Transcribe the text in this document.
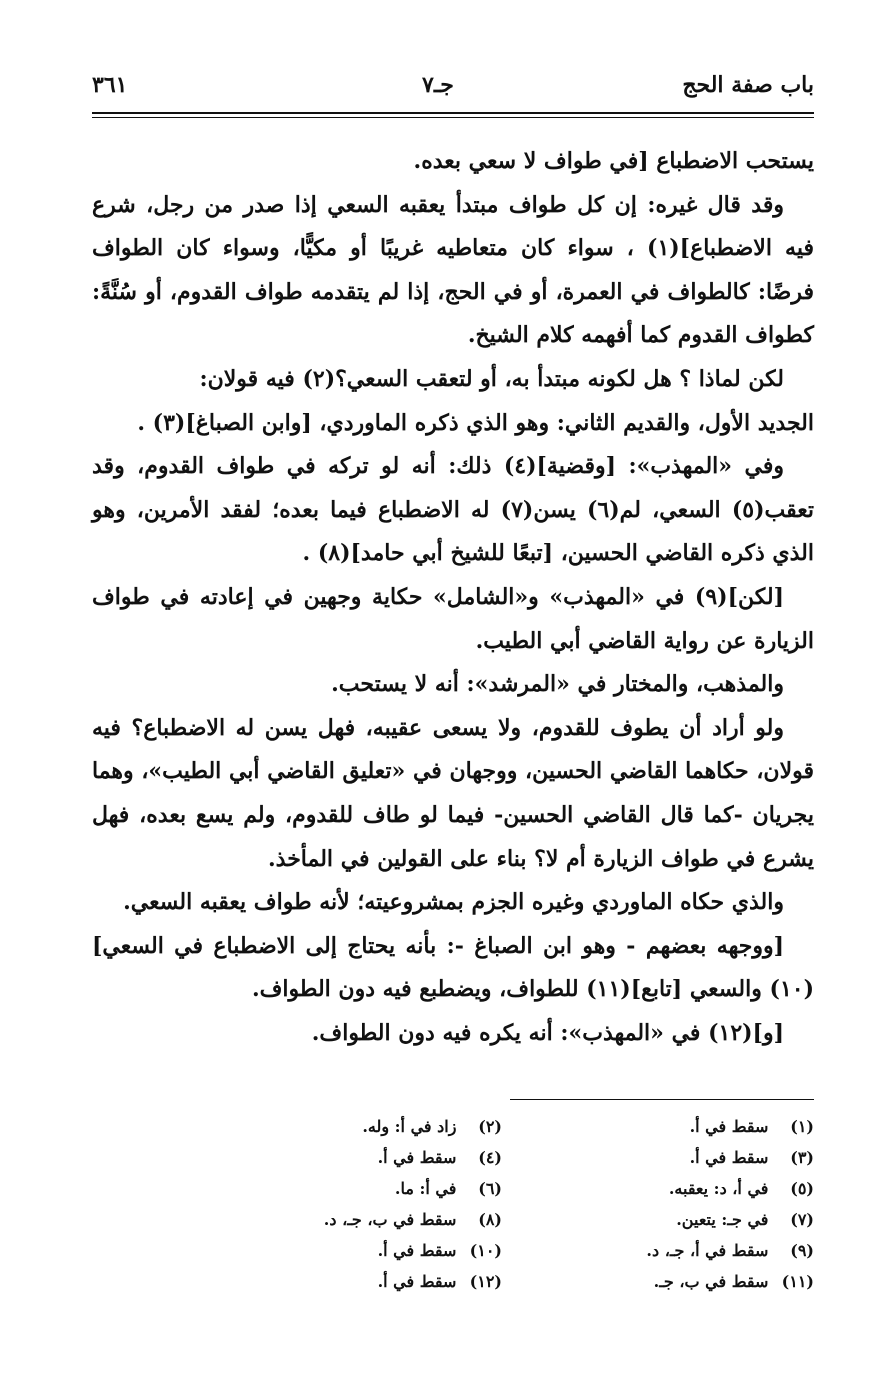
باب صفة الحج
جـ٧
٣٦١

يستحب الاضطباع [في طواف لا سعي بعده.

وقد قال غيره: إن كل طواف مبتدأ يعقبه السعي إذا صدر من رجل، شرع فيه الاضطباع](١) ، سواء كان متعاطيه غريبًا أو مكيًّا، وسواء كان الطواف فرضًا: كالطواف في العمرة، أو في الحج، إذا لم يتقدمه طواف القدوم، أو سُنَّةً: كطواف القدوم كما أفهمه كلام الشيخ.

لكن لماذا ؟ هل لكونه مبتدأ به، أو لتعقب السعي؟(٢) فيه قولان:

الجديد الأول، والقديم الثاني: وهو الذي ذكره الماوردي، [وابن الصباغ](٣) .

وفي «المهذب»: [وقضية](٤) ذلك: أنه لو تركه في طواف القدوم، وقد تعقب(٥) السعي، لم(٦) يسن(٧) له الاضطباع فيما بعده؛ لفقد الأمرين، وهو الذي ذكره القاضي الحسين، [تبعًا للشيخ أبي حامد](٨) .

[لكن](٩) في «المهذب» و«الشامل» حكاية وجهين في إعادته في طواف الزيارة عن رواية القاضي أبي الطيب.

والمذهب، والمختار في «المرشد»: أنه لا يستحب.

ولو أراد أن يطوف للقدوم، ولا يسعى عقيبه، فهل يسن له الاضطباع؟ فيه قولان، حكاهما القاضي الحسين، ووجهان في «تعليق القاضي أبي الطيب»، وهما يجريان -كما قال القاضي الحسين- فيما لو طاف للقدوم، ولم يسع بعده، فهل يشرع في طواف الزيارة أم لا؟ بناء على القولين في المأخذ.

والذي حكاه الماوردي وغيره الجزم بمشروعيته؛ لأنه طواف يعقبه السعي.

[ووجهه بعضهم - وهو ابن الصباغ -: بأنه يحتاج إلى الاضطباع في السعي](١٠) والسعي [تابع](١١) للطواف، ويضطبع فيه دون الطواف.

[و](١٢) في «المهذب»: أنه يكره فيه دون الطواف.

(١) سقط في أ.
(٢) زاد في أ: وله.
(٣) سقط في أ.
(٤) سقط في أ.
(٥) في أ، د: يعقبه.
(٦) في أ: ما.
(٧) في جـ: يتعين.
(٨) سقط في ب، جـ، د.
(٩) سقط في أ، جـ، د.
(١٠) سقط في أ.
(١١) سقط في ب، جـ.
(١٢) سقط في أ.
